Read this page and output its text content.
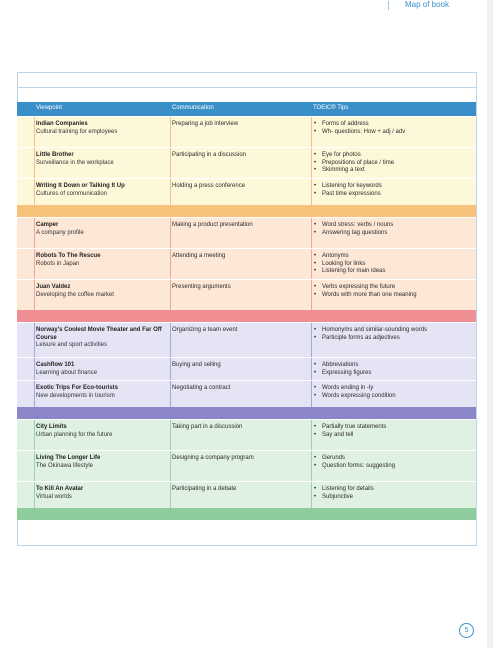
Map of book
Viewpoint	Communication	TOEIC® Tips
Indian Companies
Cultural training for employees
Preparing a job interview	• Forms of address
• Wh- questions: How + adj / adv
Little Brother
Surveillance in the workplace
Participating in a discussion	• Eye for photos
• Prepositions of place / time
• Skimming a text
Writing It Down or Talking It Up
Cultures of communication
Holding a press conference	• Listening for keywords
• Past time expressions
Camper
A company profile
Making a product presentation	• Word stress: verbs / nouns
• Answering tag questions
Robots To The Rescue
Robots in Japan
Attending a meeting	• Antonyms
• Looking for links
• Listening for main ideas
Juan Valdez
Developing the coffee market
Presenting arguments	• Verbs expressing the future
• Words with more than one meaning
Norway's Coolest Movie Theater and Far Off Course
Leisure and sport activities
Organizing a team event	• Homonyms and similar-sounding words
• Participle forms as adjectives
Cashflow 101
Learning about finance
Buying and selling	• Abbreviations
• Expressing figures
Exotic Trips For Eco-tourists
New developments in tourism
Negotiating a contract	• Words ending in -ly
• Words expressing condition
City Limits
Urban planning for the future
Taking part in a discussion	• Partially true statements
• Say and tell
Living The Longer Life
The Okinawa lifestyle
Designing a company program	• Gerunds
• Question forms: suggesting
To Kill An Avatar
Virtual worlds
Participating in a debate	• Listening for details
• Subjunctive
5
